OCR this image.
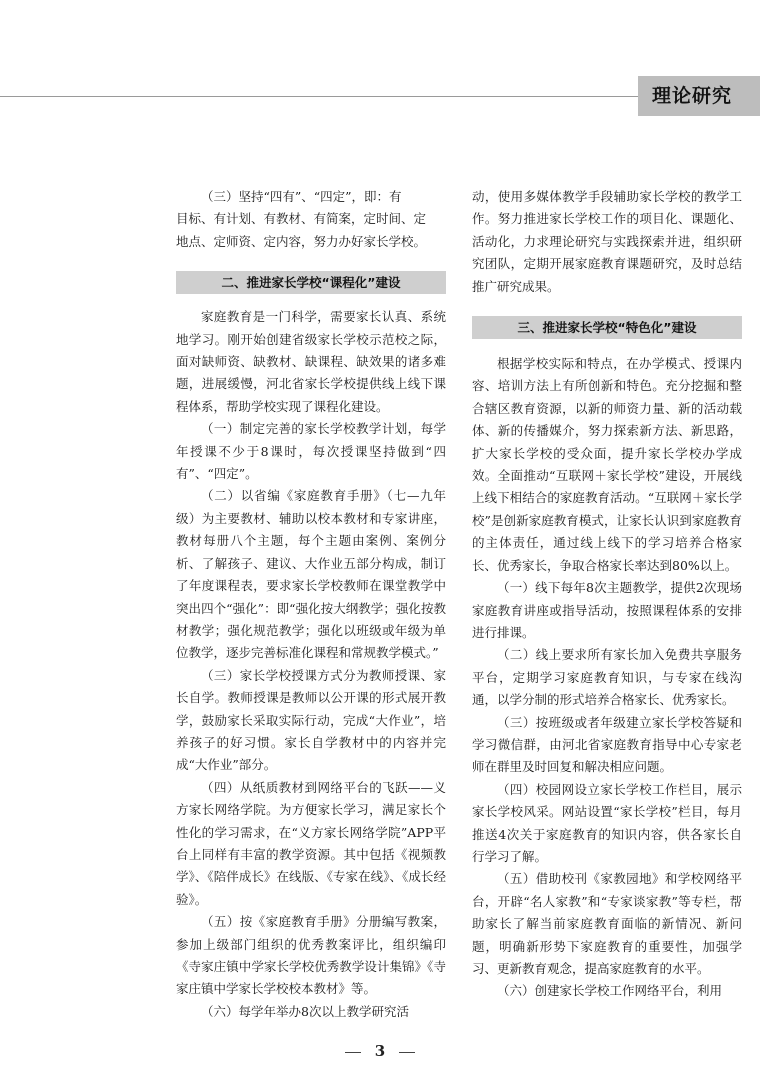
理论研究

（三）坚持“四有”、“四定”，即：有

目标、有计划、有教材、有简案，定时间、定

地点、定师资、定内容，努力办好家长学校。

二、推进家长学校“课程化”建设

家庭教育是一门科学，需要家长认真、系统地学习。刚开始创建省级家长学校示范校之际，面对缺师资、缺教材、缺课程、缺效果的诸多难题，进展缓慢，河北省家长学校提供线上线下课程体系，帮助学校实现了课程化建设。

（一）制定完善的家长学校教学计划，每学年授课不少于8课时，每次授课坚持做到“四有”、“四定”。

（二）以省编《家庭教育手册》（七—九年级）为主要教材、辅助以校本教材和专家讲座，教材每册八个主题，每个主题由案例、案例分析、了解孩子、建议、大作业五部分构成，制订了年度课程表，要求家长学校教师在课堂教学中突出四个“强化”：即“强化按大纲教学；强化按教材教学；强化规范教学；强化以班级或年级为单位教学，逐步完善标准化课程和常规教学模式。”

（三）家长学校授课方式分为教师授课、家长自学。教师授课是教师以公开课的形式展开教学，鼓励家长采取实际行动，完成“大作业”，培养孩子的好习惯。家长自学教材中的内容并完成“大作业”部分。

（四）从纸质教材到网络平台的飞跃——义方家长网络学院。为方便家长学习，满足家长个性化的学习需求，在“义方家长网络学院”APP平台上同样有丰富的教学资源。其中包括《视频教学》、《陪伴成长》在线版、《专家在线》、《成长经验》。

（五）按《家庭教育手册》分册编写教案，参加上级部门组织的优秀教案评比，组织编印《寺家庄镇中学家长学校优秀教学设计集锦》《寺家庄镇中学家长学校校本教材》等。

（六）每学年举办8次以上教学研究活

动，使用多媒体教学手段辅助家长学校的教学工作。努力推进家长学校工作的项目化、课题化、活动化，力求理论研究与实践探索并进，组织研究团队，定期开展家庭教育课题研究，及时总结推广研究成果。

三、推进家长学校“特色化”建设

根据学校实际和特点，在办学模式、授课内容、培训方法上有所创新和特色。充分挖掘和整合辖区教育资源，以新的师资力量、新的活动载体、新的传播媒介，努力探索新方法、新思路，扩大家长学校的受众面，提升家长学校办学成效。全面推动“互联网＋家长学校”建设，开展线上线下相结合的家庭教育活动。“互联网＋家长学校”是创新家庭教育模式，让家长认识到家庭教育的主体责任，通过线上线下的学习培养合格家长、优秀家长，争取合格家长率达到80%以上。

（一）线下每年8次主题教学，提供2次现场家庭教育讲座或指导活动，按照课程体系的安排进行排课。

（二）线上要求所有家长加入免费共享服务平台，定期学习家庭教育知识，与专家在线沟通，以学分制的形式培养合格家长、优秀家长。

（三）按班级或者年级建立家长学校答疑和学习微信群，由河北省家庭教育指导中心专家老师在群里及时回复和解决相应问题。

（四）校园网设立家长学校工作栏目，展示家长学校风采。网站设置“家长学校”栏目，每月推送4次关于家庭教育的知识内容，供各家长自行学习了解。

（五）借助校刊《家教园地》和学校网络平台，开辟“名人家教”和“专家谈家教”等专栏，帮助家长了解当前家庭教育面临的新情况、新问题，明确新形势下家庭教育的重要性，加强学习、更新教育观念，提高家庭教育的水平。

（六）创建家长学校工作网络平台，利用

3
